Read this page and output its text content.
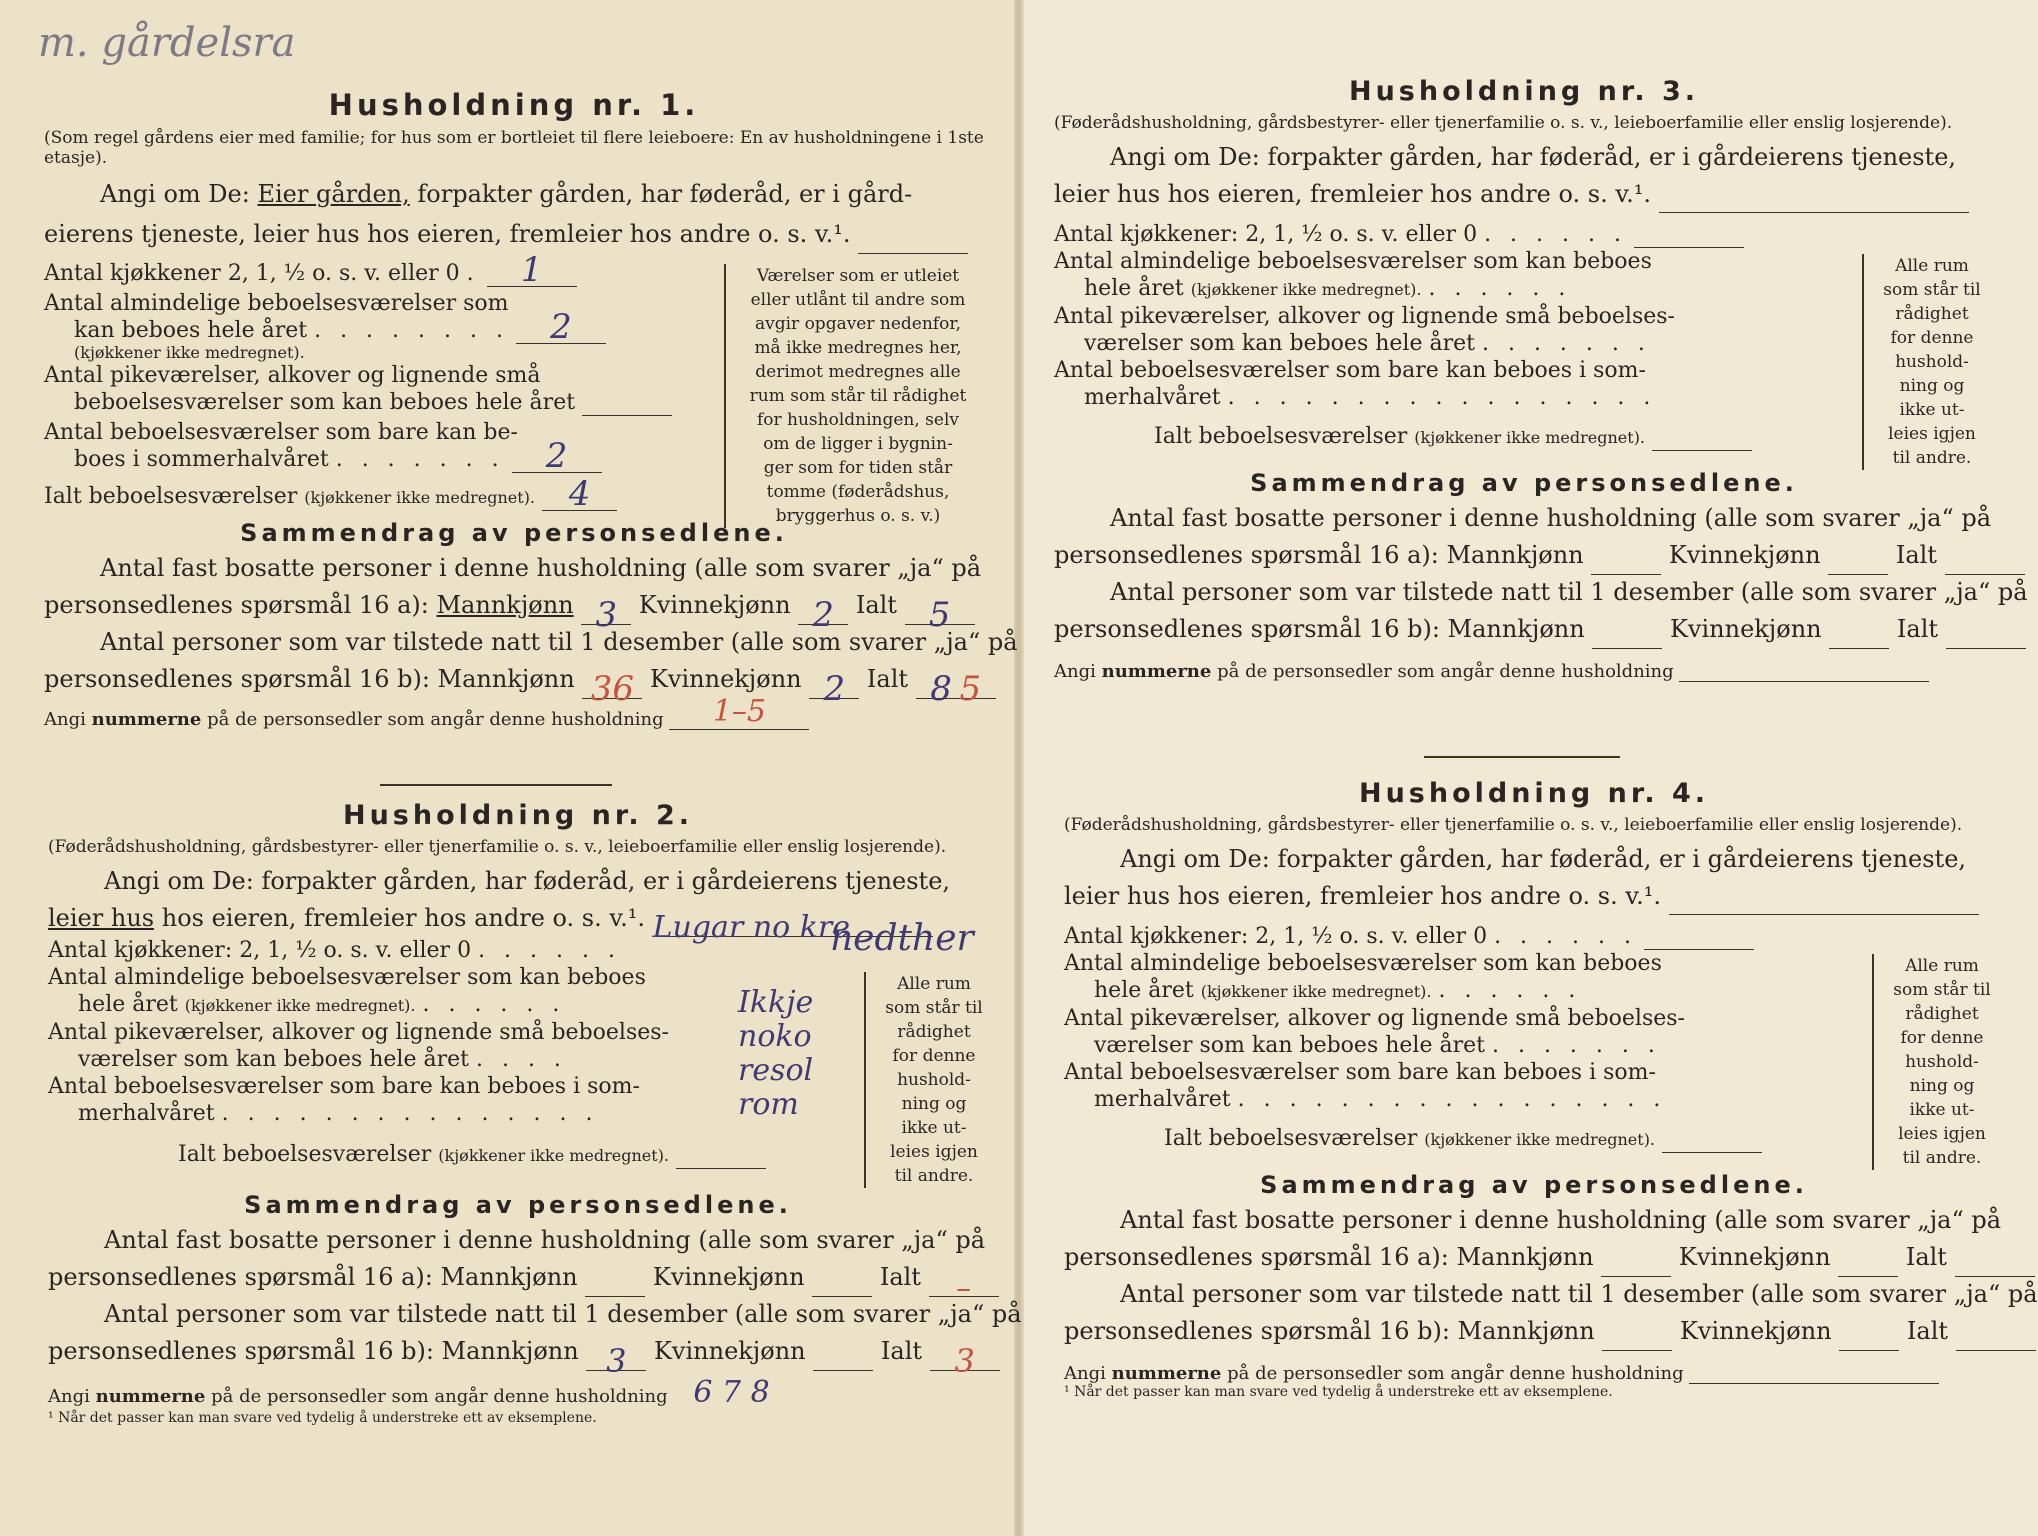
m. gårdelsra
Husholdning nr. 1.
(Som regel gårdens eier med familie; for hus som er bortleiet til flere leieboere: En av husholdningene i 1ste etasje).
Angi om De: Eier gården, forpakter gården, har føderåd, er i gård-
eierens tjeneste, leier hus hos eieren, fremleier hos andre o. s. v.¹.
Antal kjøkkener 2, 1, ½ o. s. v. eller 0 . 1
Antal almindelige beboelsesværelser som
kan beboes hele året . . . . . . . . 2
(kjøkkener ikke medregnet).
Antal pikeværelser, alkover og lignende små
beboelsesværelser som kan beboes hele året
Antal beboelsesværelser som bare kan be-
boes i sommerhalvåret . . . . . . . 2
Ialt beboelsesværelser (kjøkkener ikke medregnet). 4
Værelser som er utleiet
eller utlånt til andre som
avgir opgaver nedenfor,
må ikke medregnes her,
derimot medregnes alle
rum som står til rådighet
for husholdningen, selv
om de ligger i bygnin-
ger som for tiden står
tomme (føderådshus,
bryggerhus o. s. v.)
Sammendrag av personsedlene.
Antal fast bosatte personer i denne husholdning (alle som svarer „ja“ på
personsedlenes spørsmål 16 a): Mannkjønn 3 Kvinnekjønn 2 Ialt 5
Antal personer som var tilstede natt til 1 desember (alle som svarer „ja“ på
personsedlenes spørsmål 16 b): Mannkjønn 36 Kvinnekjønn 2 Ialt 8 5
Angi nummerne på de personsedler som angår denne husholdning 1–5
Husholdning nr. 2.
(Føderådshusholdning, gårdsbestyrer- eller tjenerfamilie o. s. v., leieboerfamilie eller enslig losjerende).
Angi om De: forpakter gården, har føderåd, er i gårdeierens tjeneste,
leier hus hos eieren, fremleier hos andre o. s. v.¹. Lugar no kre
nedther
Antal kjøkkener: 2, 1, ½ o. s. v. eller 0 . . . . . .
Antal almindelige beboelsesværelser som kan beboes
hele året (kjøkkener ikke medregnet). . . . . . .
Antal pikeværelser, alkover og lignende små beboelses-
værelser som kan beboes hele året . . . .
Antal beboelsesværelser som bare kan beboes i som-
merhalvåret . . . . . . . . . . . . . . .
Ialt beboelsesværelser (kjøkkener ikke medregnet).
Ikkje
noko
resol
rom
Alle rum
som står til
rådighet
for denne
hushold-
ning og
ikke ut-
leies igjen
til andre.
Sammendrag av personsedlene.
Antal fast bosatte personer i denne husholdning (alle som svarer „ja“ på
personsedlenes spørsmål 16 a): Mannkjønn	Kvinnekjønn	Ialt –
Antal personer som var tilstede natt til 1 desember (alle som svarer „ja“ på
personsedlenes spørsmål 16 b): Mannkjønn 3 Kvinnekjønn	Ialt 3
Angi nummerne på de personsedler som angår denne husholdning 6 7 8
¹ Når det passer kan man svare ved tydelig å understreke ett av eksemplene.
Husholdning nr. 3.
(Føderådshusholdning, gårdsbestyrer- eller tjenerfamilie o. s. v., leieboerfamilie eller enslig losjerende).
Angi om De: forpakter gården, har føderåd, er i gårdeierens tjeneste,
leier hus hos eieren, fremleier hos andre o. s. v.¹.
Antal kjøkkener: 2, 1, ½ o. s. v. eller 0 . . . . . .
Antal almindelige beboelsesværelser som kan beboes
hele året (kjøkkener ikke medregnet). . . . . . .
Antal pikeværelser, alkover og lignende små beboelses-
værelser som kan beboes hele året . . . . . . .
Antal beboelsesværelser som bare kan beboes i som-
merhalvåret . . . . . . . . . . . . . . . . .
Ialt beboelsesværelser (kjøkkener ikke medregnet).
Alle rum
som står til
rådighet
for denne
hushold-
ning og
ikke ut-
leies igjen
til andre.
Sammendrag av personsedlene.
Antal fast bosatte personer i denne husholdning (alle som svarer „ja“ på
personsedlenes spørsmål 16 a): Mannkjønn	Kvinnekjønn	Ialt
Antal personer som var tilstede natt til 1 desember (alle som svarer „ja“ på
personsedlenes spørsmål 16 b): Mannkjønn	Kvinnekjønn	Ialt
Angi nummerne på de personsedler som angår denne husholdning
Husholdning nr. 4.
(Føderådshusholdning, gårdsbestyrer- eller tjenerfamilie o. s. v., leieboerfamilie eller enslig losjerende).
Angi om De: forpakter gården, har føderåd, er i gårdeierens tjeneste,
leier hus hos eieren, fremleier hos andre o. s. v.¹.
Antal kjøkkener: 2, 1, ½ o. s. v. eller 0 . . . . . .
Antal almindelige beboelsesværelser som kan beboes
hele året (kjøkkener ikke medregnet). . . . . . .
Antal pikeværelser, alkover og lignende små beboelses-
værelser som kan beboes hele året . . . . . . .
Antal beboelsesværelser som bare kan beboes i som-
merhalvåret . . . . . . . . . . . . . . . . .
Ialt beboelsesværelser (kjøkkener ikke medregnet).
Alle rum
som står til
rådighet
for denne
hushold-
ning og
ikke ut-
leies igjen
til andre.
Sammendrag av personsedlene.
Antal fast bosatte personer i denne husholdning (alle som svarer „ja“ på
personsedlenes spørsmål 16 a): Mannkjønn	Kvinnekjønn	Ialt
Antal personer som var tilstede natt til 1 desember (alle som svarer „ja“ på
personsedlenes spørsmål 16 b): Mannkjønn	Kvinnekjønn	Ialt
Angi nummerne på de personsedler som angår denne husholdning
¹ Når det passer kan man svare ved tydelig å understreke ett av eksemplene.
